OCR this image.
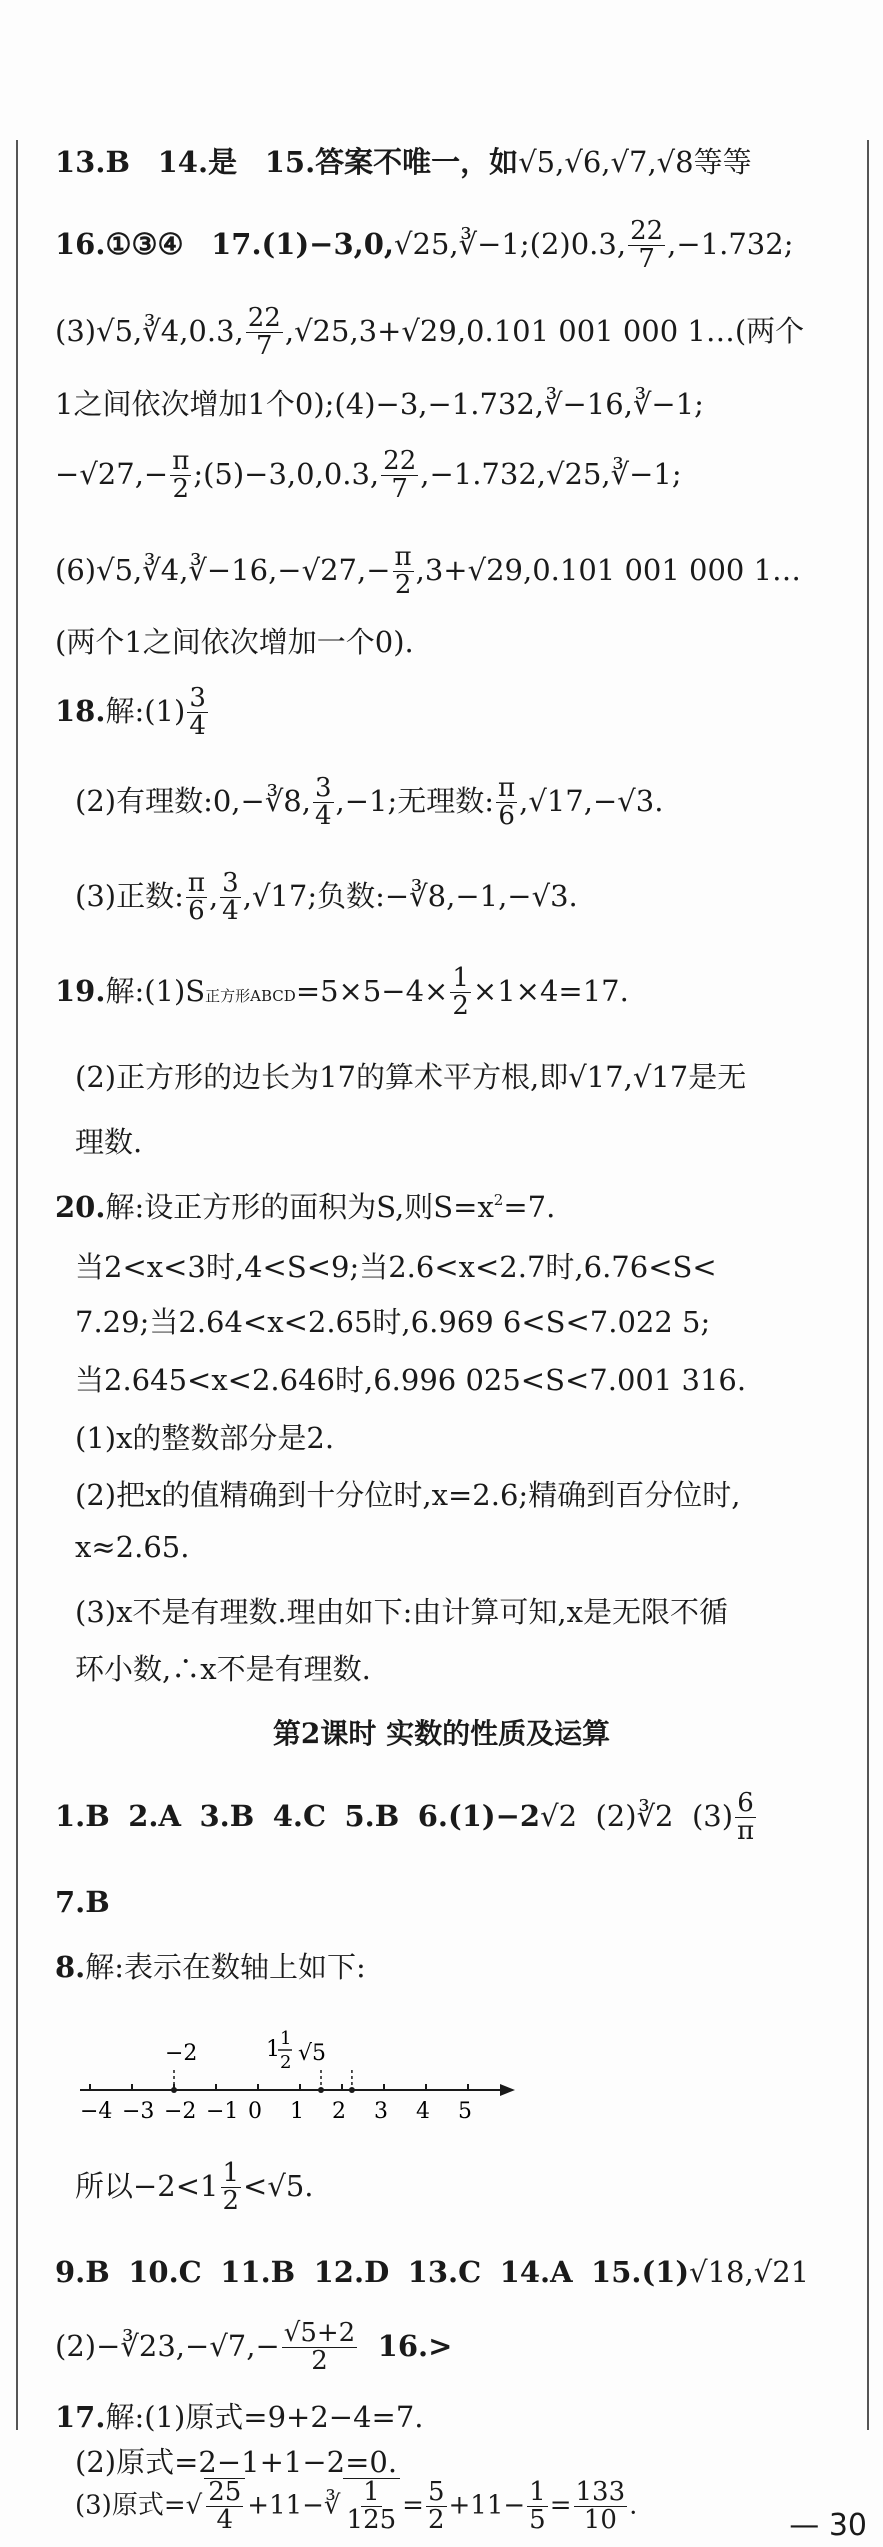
13.B 14.是 15.答案不唯一，如√5,√6,√7,√8等等
16.①③④ 17.(1)−3,0,√25,∛−1;(2)0.3, $\frac{22}{7} ,-1.732$;
(3)√5,∛4,0.3, $\frac{22}{7} ,√25,3+√29,0.101$ 001 000 1…(两个
1之间依次增加1个0);(4)−3,−1.732,∛−16,∛−1;
$-√27,- \frac{\pi}{2}$ ;(5)−3,0,0.3, $\frac{22}{7}$ ,−1.732,√25,∛−1;
(6)√5,∛4,∛−16,−√27,− $\frac{\pi}{2} ,3+√29,0.101$ 001 000 1…
(两个1之间依次增加一个0).
18.解:(1) $\frac{3}{4}$
(2)有理数:0,−∛8, $\frac{3}{4} ,-1$;无理数: $\frac{\pi}{6} ,√17,-√3$.
(3)正数: $\frac{\pi}{6}$ , $\frac{3}{4} ,√17$;负数:−∛8,−1,−√3.
19.解:(1)S正方形ABCD=5×5−4× $\frac{1}{2} \times 1\times 4=17$.
(2)正方形的边长为17的算术平方根,即√17,√17是无
理数.
20.解:设正方形的面积为S,则$S=x^2=7$.
当2<x<3时,4<S<9;当2.6<x<2.7时,6.76<S<
7.29;当2.64<x<2.65时,6.969 6<S<7.022 5;
当2.645<x<2.646时,6.996 025<S<7.001 316.
(1)x的整数部分是2.
(2)把x的值精确到十分位时,x=2.6;精确到百分位时,
x≈2.65.
(3)x不是有理数.理由如下:由计算可知,x是无限不循
环小数,∴x不是有理数.
第2课时 实数的性质及运算
1.B 2.A 3.B 4.C 5.B 6.(1)−2√2 (2)∛2 $(3) \frac{6}{\pi}$
7.B
8.解:表示在数轴上如下:
−4 −3 −2 −1 0 1 2 3 4 5
−2	1 1
2 √5
所以$-2<1 \frac{1}{2} <√5$.
9.B 10.C 11.B 12.D 13.C 14.A 15.(1)√18,√21
(2)−∛23,−√7,− $\frac{√5+2}{2} 16.>$
17.解:(1)原式=9+2−4=7.
(2)原式=2−1+1−2=0.
(3)原式=√ $\frac{25}{4}$ +11−∛ $\frac{1}{125} = \frac{5}{2} +11- \frac{1}{5} = \frac{133}{10}$ .
— 30
